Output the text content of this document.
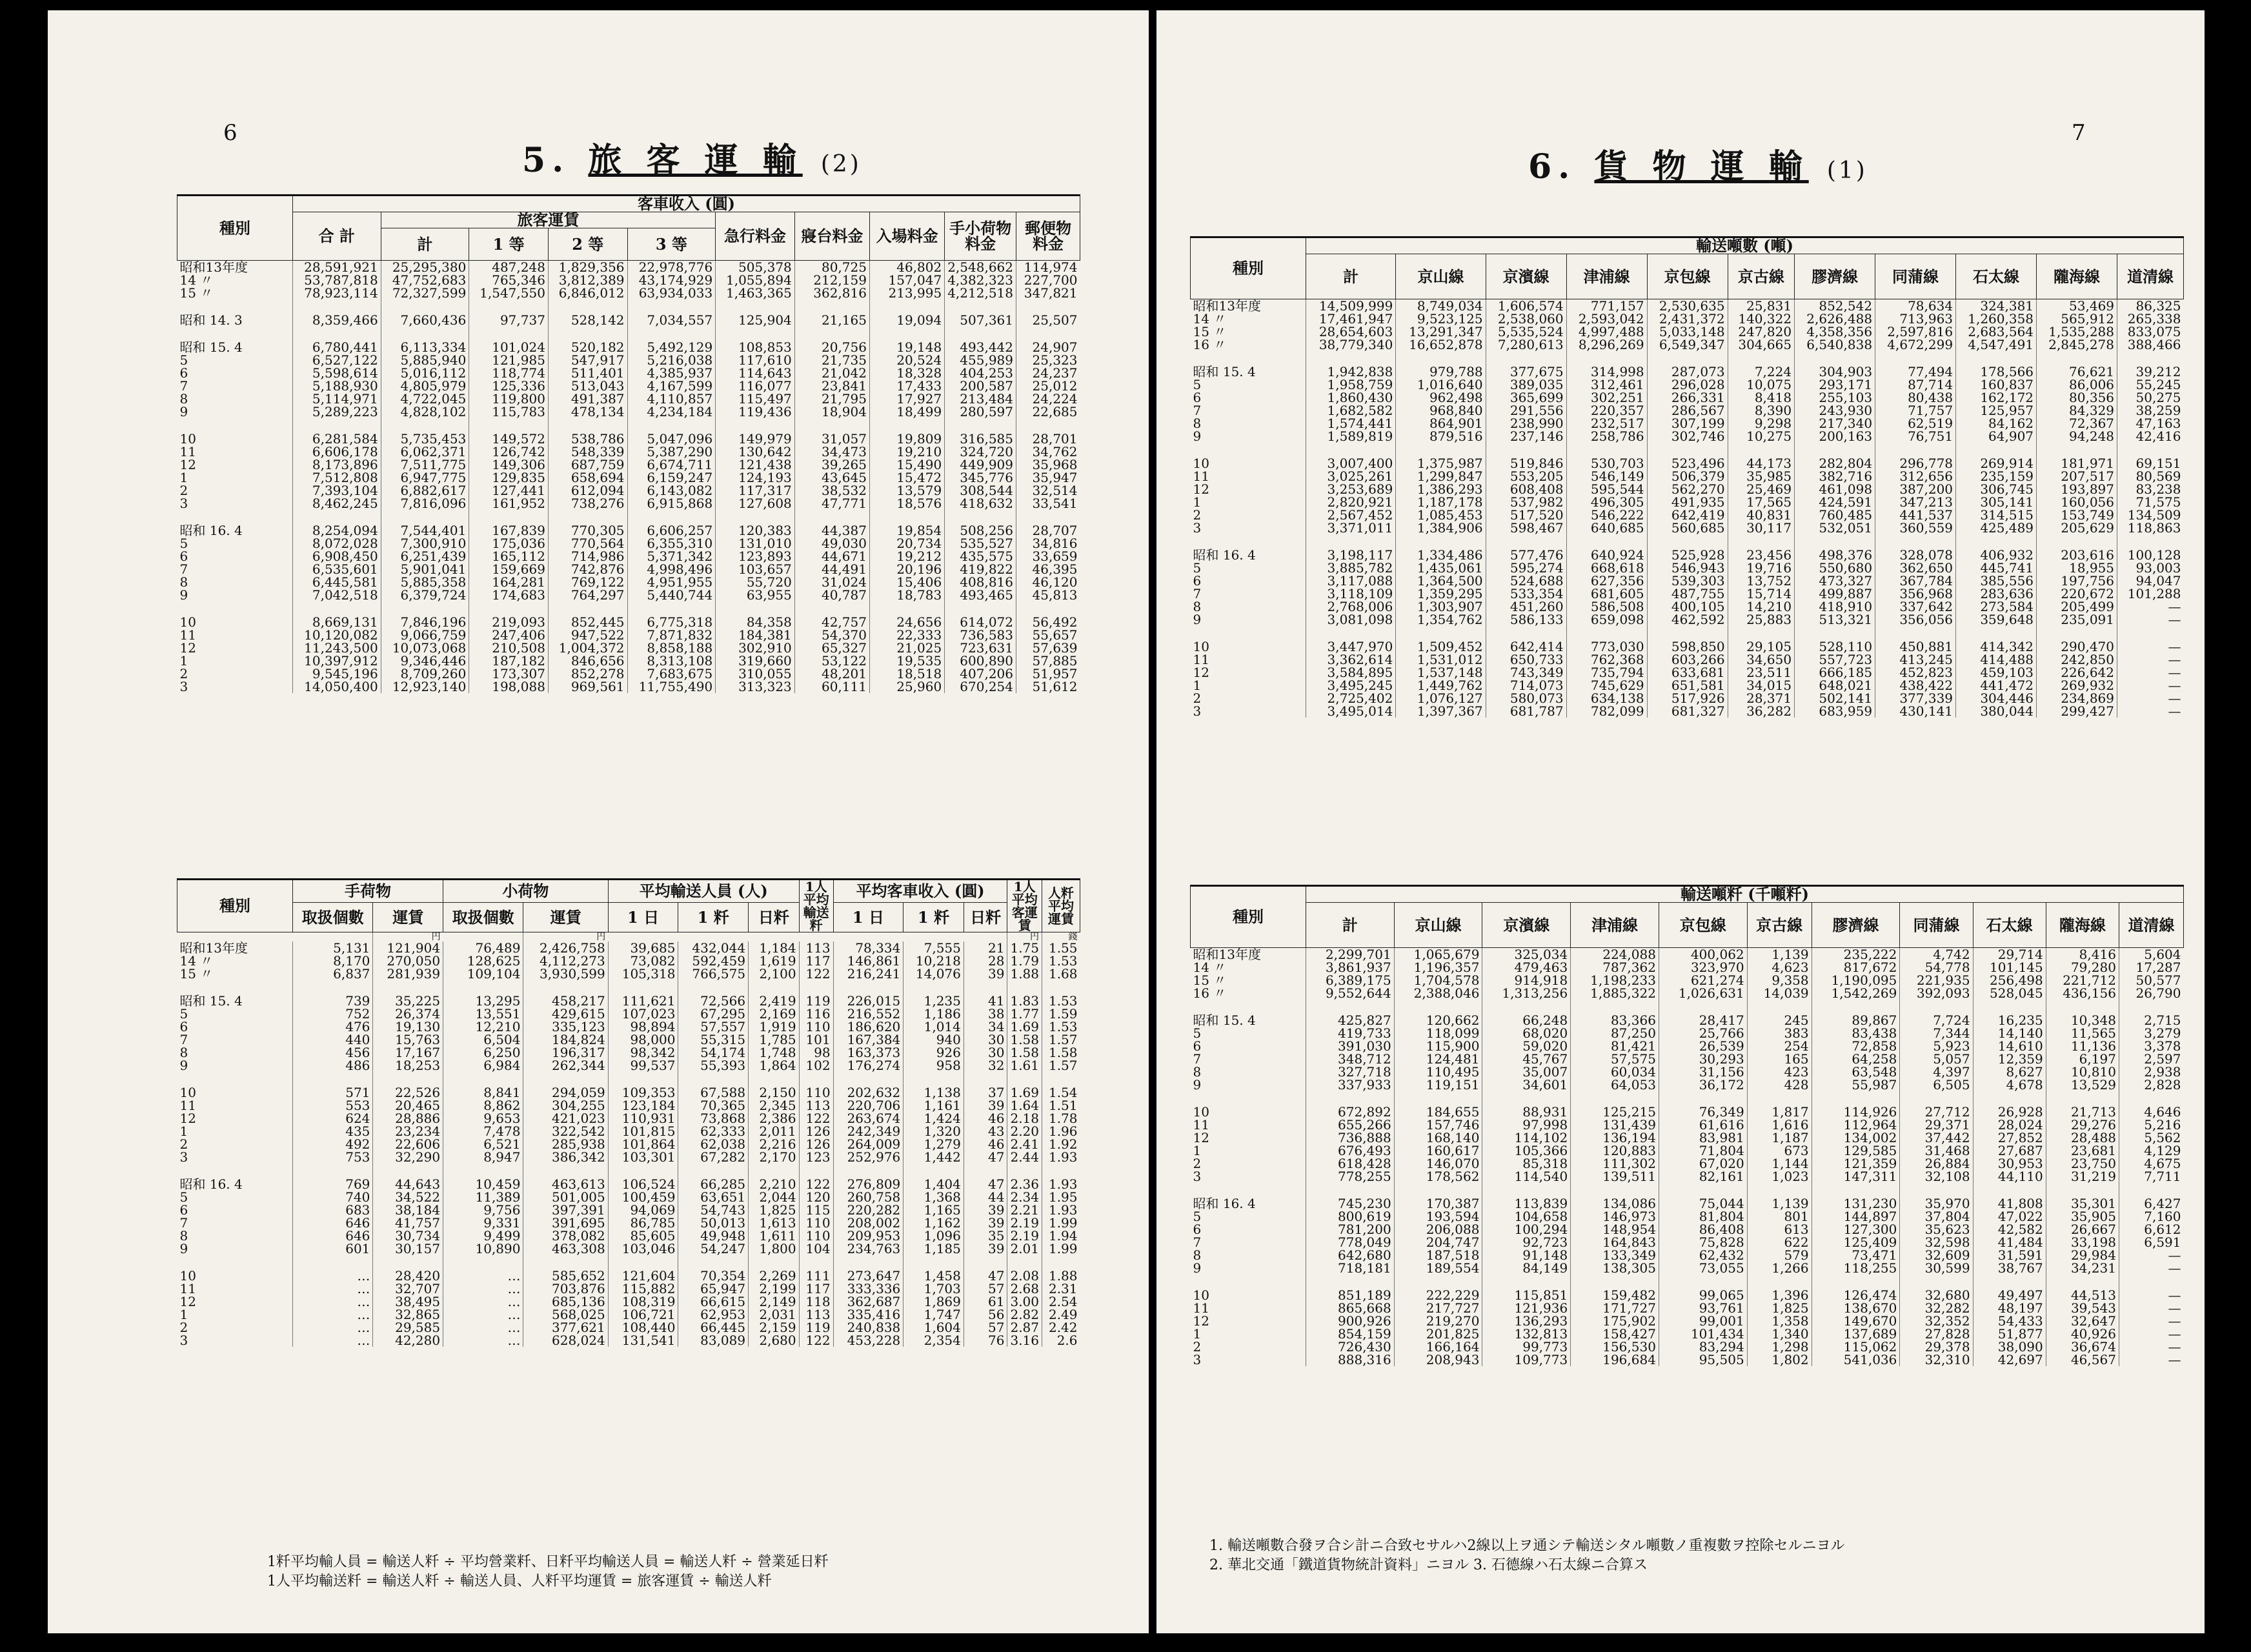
6
5. 旅 客 運 輸 (2)
種別	客車收入 (圓)									
	合 計	旅客運賃				急行料金	寢台料金	入場料金	手小荷物料金	郵便物料金
		計	1 等	2 等	3 等					
昭和13年度	28,591,921	25,295,380	487,248	1,829,356	22,978,776	505,378	80,725	46,802	2,548,662	114,974
14 〃	53,787,818	47,752,683	765,346	3,812,389	43,174,929	1,055,894	212,159	157,047	4,382,323	227,700
15 〃	78,923,114	72,327,599	1,547,550	6,846,012	63,934,033	1,463,365	362,816	213,995	4,212,518	347,821

昭和 14. 3	8,359,466	7,660,436	97,737	528,142	7,034,557	125,904	21,165	19,094	507,361	25,507

昭和 15. 4	6,780,441	6,113,334	101,024	520,182	5,492,129	108,853	20,756	19,148	493,442	24,907
5	6,527,122	5,885,940	121,985	547,917	5,216,038	117,610	21,735	20,524	455,989	25,323
6	5,598,614	5,016,112	118,774	511,401	4,385,937	114,643	21,042	18,328	404,253	24,237
7	5,188,930	4,805,979	125,336	513,043	4,167,599	116,077	23,841	17,433	200,587	25,012
8	5,114,971	4,722,045	119,800	491,387	4,110,857	115,497	21,795	17,927	213,484	24,224
9	5,289,223	4,828,102	115,783	478,134	4,234,184	119,436	18,904	18,499	280,597	22,685

10	6,281,584	5,735,453	149,572	538,786	5,047,096	149,979	31,057	19,809	316,585	28,701
11	6,606,178	6,062,371	126,742	548,339	5,387,290	130,642	34,473	19,210	324,720	34,762
12	8,173,896	7,511,775	149,306	687,759	6,674,711	121,438	39,265	15,490	449,909	35,968
1	7,512,808	6,947,775	129,835	658,694	6,159,247	124,193	43,645	15,472	345,776	35,947
2	7,393,104	6,882,617	127,441	612,094	6,143,082	117,317	38,532	13,579	308,544	32,514
3	8,462,245	7,816,096	161,952	738,276	6,915,868	127,608	47,771	18,576	418,632	33,541

昭和 16. 4	8,254,094	7,544,401	167,839	770,305	6,606,257	120,383	44,387	19,854	508,256	28,707
5	8,072,028	7,300,910	175,036	770,564	6,355,310	131,010	49,030	20,734	535,527	34,816
6	6,908,450	6,251,439	165,112	714,986	5,371,342	123,893	44,671	19,212	435,575	33,659
7	6,535,601	5,901,041	159,669	742,876	4,998,496	103,657	44,491	20,196	419,822	46,395
8	6,445,581	5,885,358	164,281	769,122	4,951,955	55,720	31,024	15,406	408,816	46,120
9	7,042,518	6,379,724	174,683	764,297	5,440,744	63,955	40,787	18,783	493,465	45,813

10	8,669,131	7,846,196	219,093	852,445	6,775,318	84,358	42,757	24,656	614,072	56,492
11	10,120,082	9,066,759	247,406	947,522	7,871,832	184,381	54,370	22,333	736,583	55,657
12	11,243,500	10,073,068	210,508	1,004,372	8,858,188	302,910	65,327	21,025	723,631	57,639
1	10,397,912	9,346,446	187,182	846,656	8,313,108	319,660	53,122	19,535	600,890	57,885
2	9,545,196	8,709,260	173,307	852,278	7,683,675	310,055	48,201	18,518	407,206	51,957
3	14,050,400	12,923,140	198,088	969,561	11,755,490	313,323	60,111	25,960	670,254	51,612
種別	手荷物		小荷物		平均輸送人員 (人)			1人平均輸送粁	平均客車收入 (圓)			1人平均客運賃	人粁平均運賃
	取扱個數	運賃	取扱個數	運賃	1 日	1 粁	日粁		1 日	1 粁	日粁		
		円		円								円	錢
昭和13年度	5,131	121,904	76,489	2,426,758	39,685	432,044	1,184	113	78,334	7,555	21	1.75	1.55
14 〃	8,170	270,050	128,625	4,112,273	73,082	592,459	1,619	117	146,861	10,218	28	1.79	1.53
15 〃	6,837	281,939	109,104	3,930,599	105,318	766,575	2,100	122	216,241	14,076	39	1.88	1.68

昭和 15. 4	739	35,225	13,295	458,217	111,621	72,566	2,419	119	226,015	1,235	41	1.83	1.53
5	752	26,374	13,551	429,615	107,023	67,295	2,169	116	216,552	1,186	38	1.77	1.59
6	476	19,130	12,210	335,123	98,894	57,557	1,919	110	186,620	1,014	34	1.69	1.53
7	440	15,763	6,504	184,824	98,000	55,315	1,785	101	167,384	940	30	1.58	1.57
8	456	17,167	6,250	196,317	98,342	54,174	1,748	98	163,373	926	30	1.58	1.58
9	486	18,253	6,984	262,344	99,537	55,393	1,864	102	176,274	958	32	1.61	1.57

10	571	22,526	8,841	294,059	109,353	67,588	2,150	110	202,632	1,138	37	1.69	1.54
11	553	20,465	8,862	304,255	123,184	70,365	2,345	113	220,706	1,161	39	1.64	1.51
12	624	28,886	9,653	421,023	110,931	73,868	2,386	122	263,674	1,424	46	2.18	1.78
1	435	23,234	7,478	322,542	101,815	62,333	2,011	126	242,349	1,320	43	2.20	1.96
2	492	22,606	6,521	285,938	101,864	62,038	2,216	126	264,009	1,279	46	2.41	1.92
3	753	32,290	8,947	386,342	103,301	67,282	2,170	123	252,976	1,442	47	2.44	1.93

昭和 16. 4	769	44,643	10,459	463,613	106,524	66,285	2,210	122	276,809	1,404	47	2.36	1.93
5	740	34,522	11,389	501,005	100,459	63,651	2,044	120	260,758	1,368	44	2.34	1.95
6	683	38,184	9,756	397,391	94,069	54,743	1,825	115	220,282	1,165	39	2.21	1.93
7	646	41,757	9,331	391,695	86,785	50,013	1,613	110	208,002	1,162	39	2.19	1.99
8	646	30,734	9,499	378,082	85,605	49,948	1,611	110	209,953	1,096	35	2.19	1.94
9	601	30,157	10,890	463,308	103,046	54,247	1,800	104	234,763	1,185	39	2.01	1.99

10	…	28,420	…	585,652	121,604	70,354	2,269	111	273,647	1,458	47	2.08	1.88
11	…	32,707	…	703,876	115,882	65,947	2,199	117	333,336	1,703	57	2.68	2.31
12	…	38,495	…	685,136	108,319	66,615	2,149	118	362,687	1,869	61	3.00	2.54
1	…	32,865	…	568,025	106,721	62,953	2,031	113	335,416	1,747	56	2.82	2.49
2	…	29,585	…	377,621	108,440	66,445	2,159	119	240,838	1,604	57	2.87	2.42
3	…	42,280	…	628,024	131,541	83,089	2,680	122	453,228	2,354	76	3.16	2.6
1粁平均輸人員 = 輸送人粁 ÷ 平均營業粁、日粁平均輸送人員 = 輸送人粁 ÷ 營業延日粁
1人平均輸送粁 = 輸送人粁 ÷ 輸送人員、人粁平均運賃 = 旅客運賃 ÷ 輸送人粁
7
6. 貨 物 運 輸 (1)
種別	輸送噸數 (噸)										
	計	京山線	京濱線	津浦線	京包線	京古線	膠濟線	同蒲線	石太線	隴海線	道清線
昭和13年度	14,509,999	8,749,034	1,606,574	771,157	2,530,635	25,831	852,542	78,634	324,381	53,469	86,325
14 〃	17,461,947	9,523,125	2,538,060	2,593,042	2,431,372	140,322	2,626,488	713,963	1,260,358	565,912	265,338
15 〃	28,654,603	13,291,347	5,535,524	4,997,488	5,033,148	247,820	4,358,356	2,597,816	2,683,564	1,535,288	833,075
16 〃	38,779,340	16,652,878	7,280,613	8,296,269	6,549,347	304,665	6,540,838	4,672,299	4,547,491	2,845,278	388,466

昭和 15. 4	1,942,838	979,788	377,675	314,998	287,073	7,224	304,903	77,494	178,566	76,621	39,212
5	1,958,759	1,016,640	389,035	312,461	296,028	10,075	293,171	87,714	160,837	86,006	55,245
6	1,860,430	962,498	365,699	302,251	266,331	8,418	255,103	80,438	162,172	80,356	50,275
7	1,682,582	968,840	291,556	220,357	286,567	8,390	243,930	71,757	125,957	84,329	38,259
8	1,574,441	864,901	238,990	232,517	307,199	9,298	217,340	62,519	84,162	72,367	47,163
9	1,589,819	879,516	237,146	258,786	302,746	10,275	200,163	76,751	64,907	94,248	42,416

10	3,007,400	1,375,987	519,846	530,703	523,496	44,173	282,804	296,778	269,914	181,971	69,151
11	3,025,261	1,299,847	553,205	546,149	506,379	35,985	382,716	312,656	235,159	207,517	80,569
12	3,253,689	1,386,293	608,408	595,544	562,270	25,469	461,098	387,200	306,745	193,897	83,238
1	2,820,921	1,187,178	537,982	496,305	491,935	17,565	424,591	347,213	305,141	160,056	71,575
2	2,567,452	1,085,453	517,520	546,222	642,419	40,831	760,485	441,537	314,515	153,749	134,509
3	3,371,011	1,384,906	598,467	640,685	560,685	30,117	532,051	360,559	425,489	205,629	118,863

昭和 16. 4	3,198,117	1,334,486	577,476	640,924	525,928	23,456	498,376	328,078	406,932	203,616	100,128
5	3,885,782	1,435,061	595,274	668,618	546,943	19,716	550,680	362,650	445,741	18,955	93,003
6	3,117,088	1,364,500	524,688	627,356	539,303	13,752	473,327	367,784	385,556	197,756	94,047
7	3,118,109	1,359,295	533,354	681,605	487,755	15,714	499,887	356,968	283,636	220,672	101,288
8	2,768,006	1,303,907	451,260	586,508	400,105	14,210	418,910	337,642	273,584	205,499	—
9	3,081,098	1,354,762	586,133	659,098	462,592	25,883	513,321	356,056	359,648	235,091	—

10	3,447,970	1,509,452	642,414	773,030	598,850	29,105	528,110	450,881	414,342	290,470	—
11	3,362,614	1,531,012	650,733	762,368	603,266	34,650	557,723	413,245	414,488	242,850	—
12	3,584,895	1,537,148	743,349	735,794	633,681	23,511	666,185	452,823	459,103	226,642	—
1	3,495,245	1,449,762	714,073	745,629	651,581	34,015	648,021	438,422	441,472	269,932	—
2	2,725,402	1,076,127	580,073	634,138	517,926	28,371	502,141	377,339	304,446	234,869	—
3	3,495,014	1,397,367	681,787	782,099	681,327	36,282	683,959	430,141	380,044	299,427	—
種別	輸送噸粁 (千噸粁)										
	計	京山線	京濱線	津浦線	京包線	京古線	膠濟線	同蒲線	石太線	隴海線	道清線
昭和13年度	2,299,701	1,065,679	325,034	224,088	400,062	1,139	235,222	4,742	29,714	8,416	5,604
14 〃	3,861,937	1,196,357	479,463	787,362	323,970	4,623	817,672	54,778	101,145	79,280	17,287
15 〃	6,389,175	1,704,578	914,918	1,198,233	621,274	9,358	1,190,095	221,935	256,498	221,712	50,577
16 〃	9,552,644	2,388,046	1,313,256	1,885,322	1,026,631	14,039	1,542,269	392,093	528,045	436,156	26,790

昭和 15. 4	425,827	120,662	66,248	83,366	28,417	245	89,867	7,724	16,235	10,348	2,715
5	419,733	118,099	68,020	87,250	25,766	383	83,438	7,344	14,140	11,565	3,279
6	391,030	115,900	59,020	81,421	26,539	254	72,858	5,923	14,610	11,136	3,378
7	348,712	124,481	45,767	57,575	30,293	165	64,258	5,057	12,359	6,197	2,597
8	327,718	110,495	35,007	60,034	31,156	423	63,548	4,397	8,627	10,810	2,938
9	337,933	119,151	34,601	64,053	36,172	428	55,987	6,505	4,678	13,529	2,828

10	672,892	184,655	88,931	125,215	76,349	1,817	114,926	27,712	26,928	21,713	4,646
11	655,266	157,746	97,998	131,439	61,616	1,616	112,964	29,371	28,024	29,276	5,216
12	736,888	168,140	114,102	136,194	83,981	1,187	134,002	37,442	27,852	28,488	5,562
1	676,493	160,617	105,366	120,883	71,804	673	129,585	31,468	27,687	23,681	4,129
2	618,428	146,070	85,318	111,302	67,020	1,144	121,359	26,884	30,953	23,750	4,675
3	778,255	178,562	114,540	139,511	82,161	1,023	147,311	32,108	44,110	31,219	7,711

昭和 16. 4	745,230	170,387	113,839	134,086	75,044	1,139	131,230	35,970	41,808	35,301	6,427
5	800,619	193,594	104,658	146,973	81,804	801	144,897	37,804	47,022	35,905	7,160
6	781,200	206,088	100,294	148,954	86,408	613	127,300	35,623	42,582	26,667	6,612
7	778,049	204,747	92,723	164,843	75,828	622	125,409	32,598	41,484	33,198	6,591
8	642,680	187,518	91,148	133,349	62,432	579	73,471	32,609	31,591	29,984	—
9	718,181	189,554	84,149	138,305	73,055	1,266	118,255	30,599	38,767	34,231	—

10	851,189	222,229	115,851	159,482	99,065	1,396	126,474	32,680	49,497	44,513	—
11	865,668	217,727	121,936	171,727	93,761	1,825	138,670	32,282	48,197	39,543	—
12	900,926	219,270	136,293	175,902	99,001	1,358	149,670	32,352	54,433	32,647	—
1	854,159	201,825	132,813	158,427	101,434	1,340	137,689	27,828	51,877	40,926	—
2	726,430	166,164	99,773	156,530	83,294	1,298	115,062	29,378	38,090	36,674	—
3	888,316	208,943	109,773	196,684	95,505	1,802	541,036	32,310	42,697	46,567	—
1. 輸送噸數合發ヲ合シ計ニ合致セサルハ2線以上ヲ通シテ輸送シタル噸數ノ重複數ヲ控除セルニヨル
2. 華北交通「鐵道貨物統計資料」ニヨル 3. 石德線ハ石太線ニ合算ス
